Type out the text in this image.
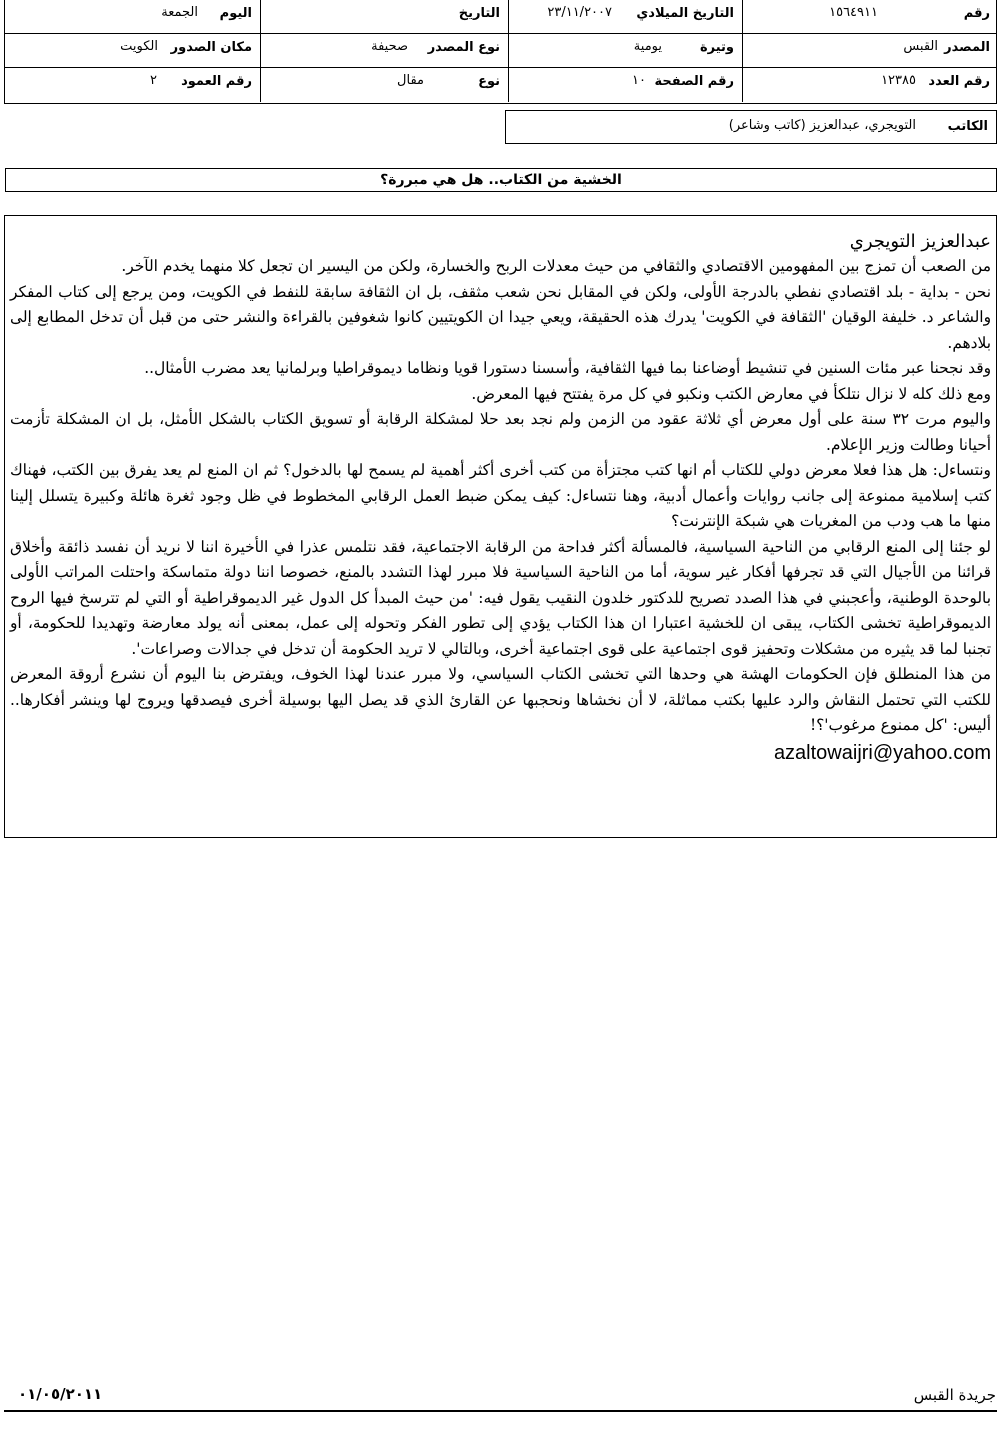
رقم
١٥٦٤٩١١
التاريخ الميلادي
٢٣/١١/٢٠٠٧
التاريخ
اليوم
الجمعة
المصدر
القبس
وتيرة
يومية
نوع المصدر
صحيفة
مكان الصدور
الكويت
رقم العدد
١٢٣٨٥
رقم الصفحة
١٠
نوع
مقال
رقم العمود
٢
الكاتب
التويجري، عبدالعزيز (كاتب وشاعر)
الخشية من الكتاب.. هل هي مبررة؟
عبدالعزيز التويجري

من الصعب أن تمزج بين المفهومين الاقتصادي والثقافي من حيث معدلات الربح والخسارة، ولكن من اليسير ان تجعل كلا منهما يخدم الآخر.

نحن - بداية - بلد اقتصادي نفطي بالدرجة الأولى، ولكن في المقابل نحن شعب مثقف، بل ان الثقافة سابقة للنفط في الكويت، ومن يرجع إلى كتاب المفكر والشاعر د. خليفة الوقيان 'الثقافة في الكويت' يدرك هذه الحقيقة، ويعي جيدا ان الكويتيين كانوا شغوفين بالقراءة والنشر حتى من قبل أن تدخل المطابع إلى بلادهم.

وقد نجحنا عبر مئات السنين في تنشيط أوضاعنا بما فيها الثقافية، وأسسنا دستورا قويا ونظاما ديموقراطيا وبرلمانيا يعد مضرب الأمثال..

ومع ذلك كله لا نزال نتلكأ في معارض الكتب ونكبو في كل مرة يفتتح فيها المعرض.

واليوم مرت ٣٢ سنة على أول معرض أي ثلاثة عقود من الزمن ولم نجد بعد حلا لمشكلة الرقابة أو تسويق الكتاب بالشكل الأمثل، بل ان المشكلة تأزمت أحيانا وطالت وزير الإعلام.

ونتساءل: هل هذا فعلا معرض دولي للكتاب أم انها كتب مجتزأة من كتب أخرى أكثر أهمية لم يسمح لها بالدخول؟ ثم ان المنع لم يعد يفرق بين الكتب، فهناك كتب إسلامية ممنوعة إلى جانب روايات وأعمال أدبية، وهنا نتساءل: كيف يمكن ضبط العمل الرقابي المخطوط في ظل وجود ثغرة هائلة وكبيرة يتسلل إلينا منها ما هب ودب من المغريات هي شبكة الإنترنت؟

لو جئنا إلى المنع الرقابي من الناحية السياسية، فالمسألة أكثر فداحة من الرقابة الاجتماعية، فقد نتلمس عذرا في الأخيرة اننا لا نريد أن نفسد ذائقة وأخلاق قرائنا من الأجيال التي قد تجرفها أفكار غير سوية، أما من الناحية السياسية فلا مبرر لهذا التشدد بالمنع، خصوصا اننا دولة متماسكة واحتلت المراتب الأولى بالوحدة الوطنية، وأعجبني في هذا الصدد تصريح للدكتور خلدون النقيب يقول فيه: 'من حيث المبدأ كل الدول غير الديموقراطية أو التي لم تترسخ فيها الروح الديموقراطية تخشى الكتاب، يبقى ان للخشية اعتبارا ان هذا الكتاب يؤدي إلى تطور الفكر وتحوله إلى عمل، بمعنى أنه يولد معارضة وتهديدا للحكومة، أو تجنبا لما قد يثيره من مشكلات وتحفيز قوى اجتماعية على قوى اجتماعية أخرى، وبالتالي لا تريد الحكومة أن تدخل في جدالات وصراعات'.

من هذا المنطلق فإن الحكومات الهشة هي وحدها التي تخشى الكتاب السياسي، ولا مبرر عندنا لهذا الخوف، ويفترض بنا اليوم أن نشرع أروقة المعرض للكتب التي تحتمل النقاش والرد عليها بكتب مماثلة، لا أن نخشاها ونحجبها عن القارئ الذي قد يصل اليها بوسيلة أخرى فيصدقها ويروج لها وينشر أفكارها.. أليس: 'كل ممنوع مرغوب'؟!

azaltowaijri@yahoo.com
جريدة القبس
٠١/٠٥/٢٠١١
